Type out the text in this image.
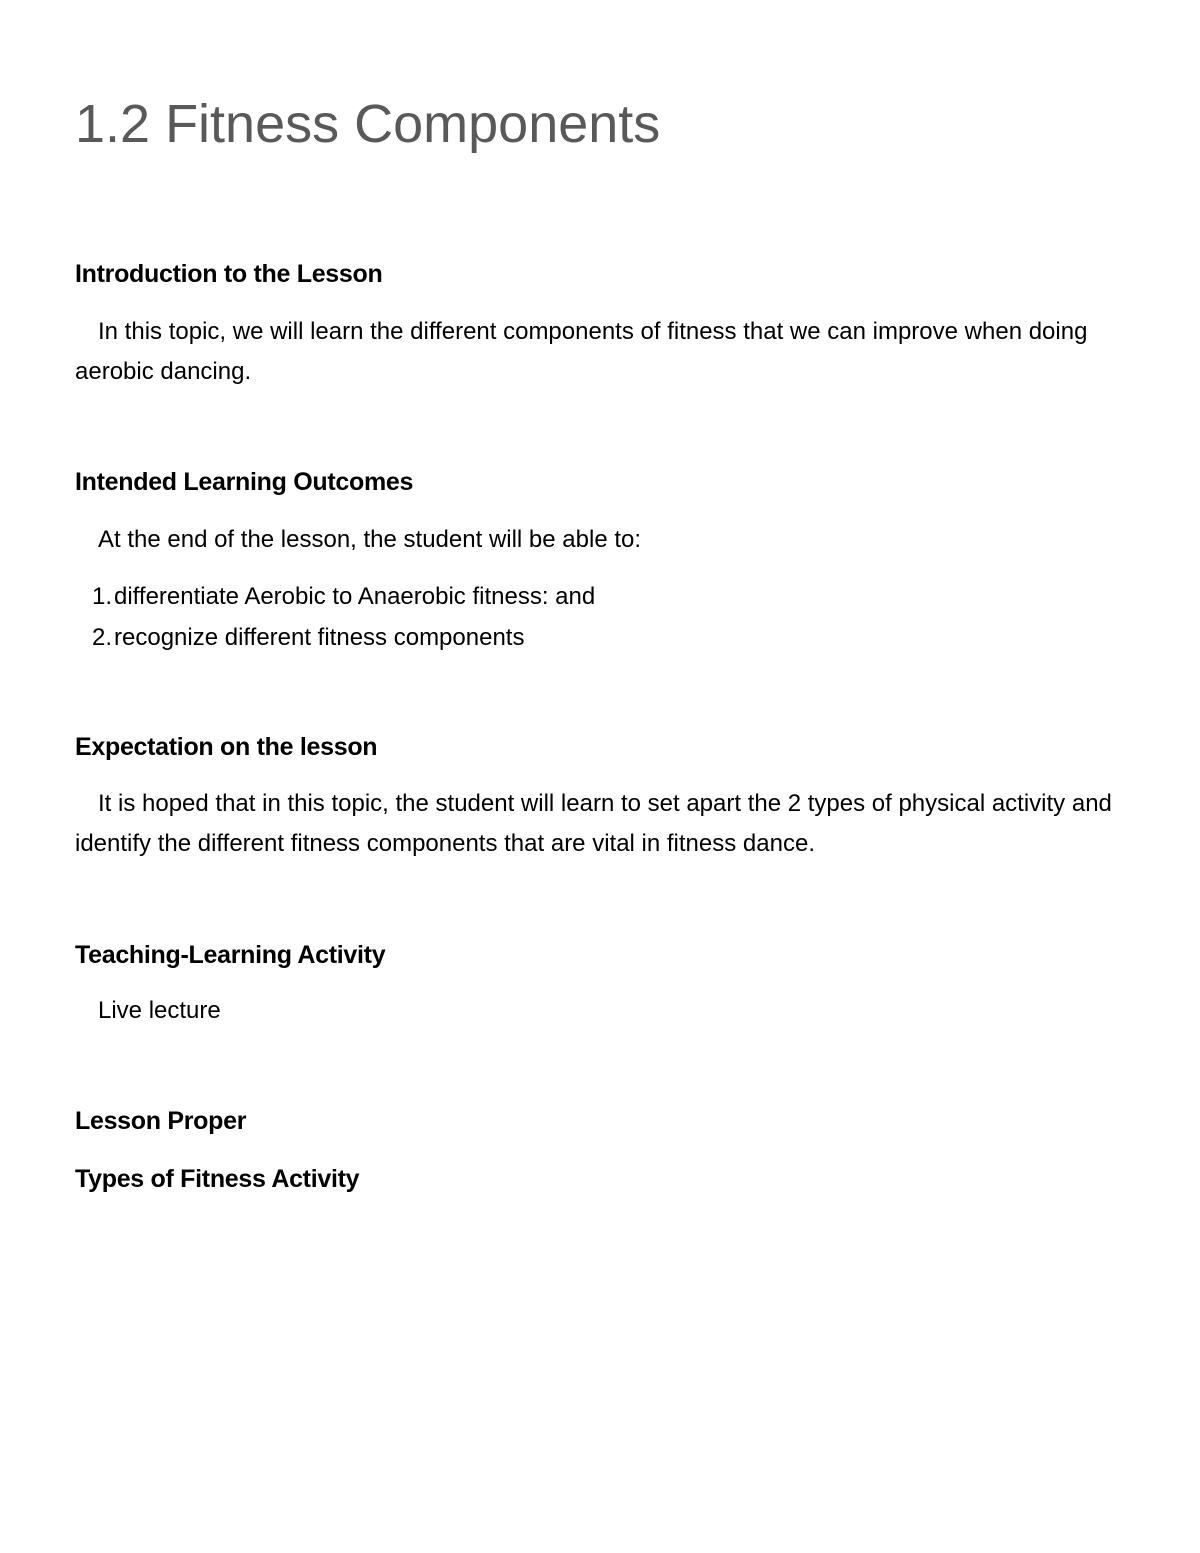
1.2 Fitness Components
Introduction to the Lesson

In this topic, we will learn the different components of fitness that we can improve when doing aerobic dancing.

Intended Learning Outcomes

At the end of the lesson, the student will be able to:

1.differentiate Aerobic to Anaerobic fitness: and
2.recognize different fitness components
Expectation on the lesson

It is hoped that in this topic, the student will learn to set apart the 2 types of physical activity and identify the different fitness components that are vital in fitness dance.

Teaching-Learning Activity

Live lecture

Lesson Proper
Types of Fitness Activity
